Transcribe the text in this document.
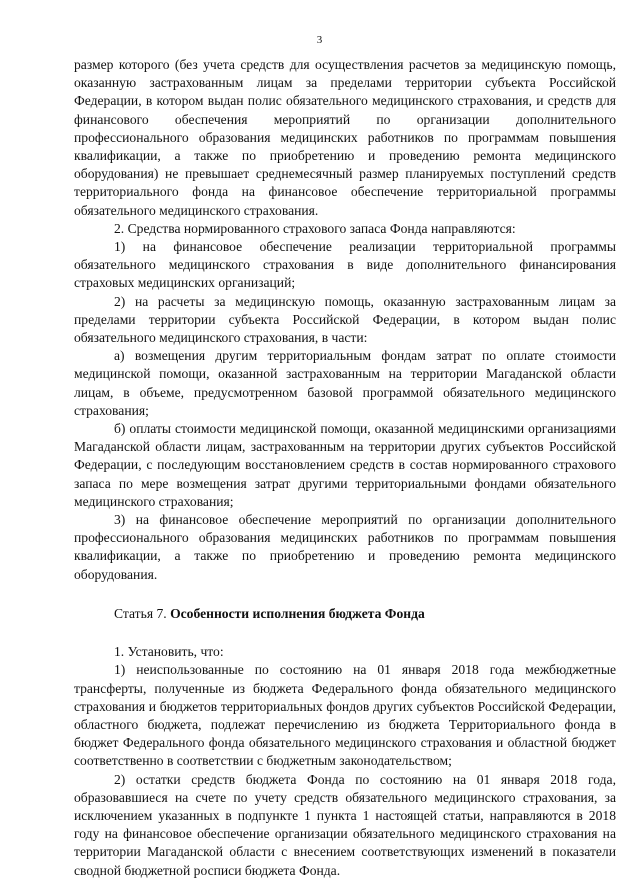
3

размер которого (без учета средств для осуществления расчетов за медицинскую помощь, оказанную застрахованным лицам за пределами территории субъекта Российской Федерации, в котором выдан полис обязательного медицинского страхования, и средств для финансового обеспечения мероприятий по организации дополнительного профессионального образования медицинских работников по программам повышения квалификации, а также по приобретению и проведению ремонта медицинского оборудования) не превышает среднемесячный размер планируемых поступлений средств территориального фонда на финансовое обеспечение территориальной программы обязательного медицинского страхования.

2. Средства нормированного страхового запаса Фонда направляются:

1) на финансовое обеспечение реализации территориальной программы обязательного медицинского страхования в виде дополнительного финансирования страховых медицинских организаций;

2) на расчеты за медицинскую помощь, оказанную застрахованным лицам за пределами территории субъекта Российской Федерации, в котором выдан полис обязательного медицинского страхования, в части:

а) возмещения другим территориальным фондам затрат по оплате стоимости медицинской помощи, оказанной застрахованным на территории Магаданской области лицам, в объеме, предусмотренном базовой программой обязательного медицинского страхования;

б) оплаты стоимости медицинской помощи, оказанной медицинскими организациями Магаданской области лицам, застрахованным на территории других субъектов Российской Федерации, с последующим восстановлением средств в состав нормированного страхового запаса по мере возмещения затрат другими территориальными фондами обязательного медицинского страхования;

3) на финансовое обеспечение мероприятий по организации дополнительного профессионального образования медицинских работников по программам повышения квалификации, а также по приобретению и проведению ремонта медицинского оборудования.

Статья 7. Особенности исполнения бюджета Фонда

1. Установить, что:

1) неиспользованные по состоянию на 01 января 2018 года межбюджетные трансферты, полученные из бюджета Федерального фонда обязательного медицинского страхования и бюджетов территориальных фондов других субъектов Российской Федерации, областного бюджета, подлежат перечислению из бюджета Территориального фонда в бюджет Федерального фонда обязательного медицинского страхования и областной бюджет соответственно в соответствии с бюджетным законодательством;

2) остатки средств бюджета Фонда по состоянию на 01 января 2018 года, образовавшиеся на счете по учету средств обязательного медицинского страхования, за исключением указанных в подпункте 1 пункта 1 настоящей статьи, направляются в 2018 году на финансовое обеспечение организации обязательного медицинского страхования на территории Магаданской области с внесением соответствующих изменений в показатели сводной бюджетной росписи бюджета Фонда.
